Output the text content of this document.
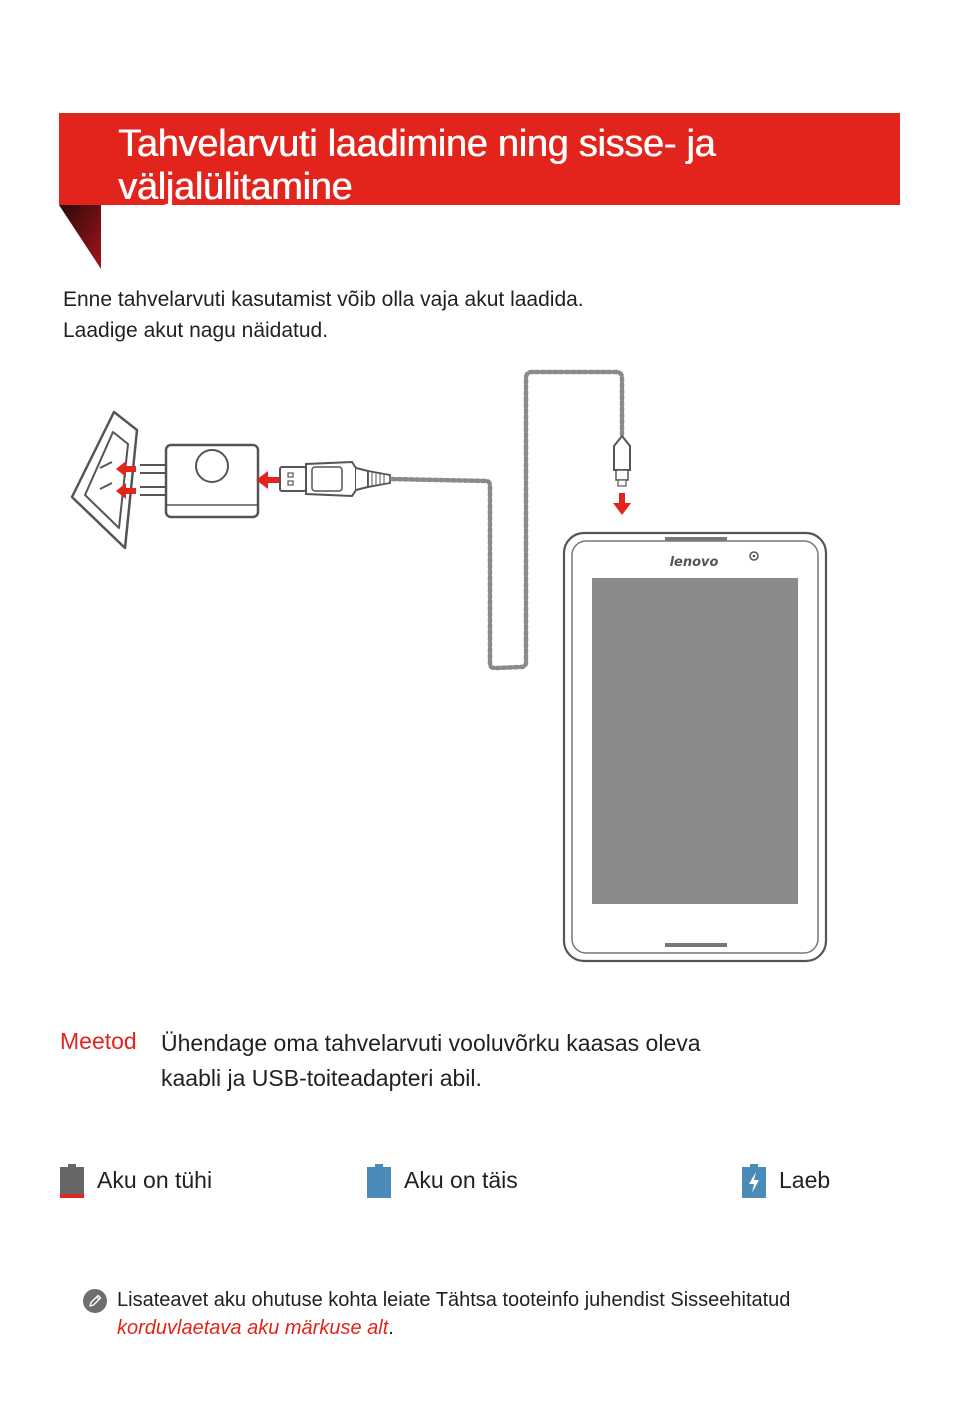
Tahvelarvuti laadimine ning sisse- ja
väljalülitamine

Enne tahvelarvuti kasutamist võib olla vaja akut laadida.
Laadige akut nagu näidatud.

lenovo
Meetod Ühendage oma tahvelarvuti vooluvõrku kaasas oleva
kaabli ja USB-toiteadapteri abil.
Aku on tühi	Aku on täis	Laeb
Lisateavet aku ohutuse kohta leiate Tähtsa tooteinfo juhendist Sisseehitatud korduvlaetava aku märkuse alt.
